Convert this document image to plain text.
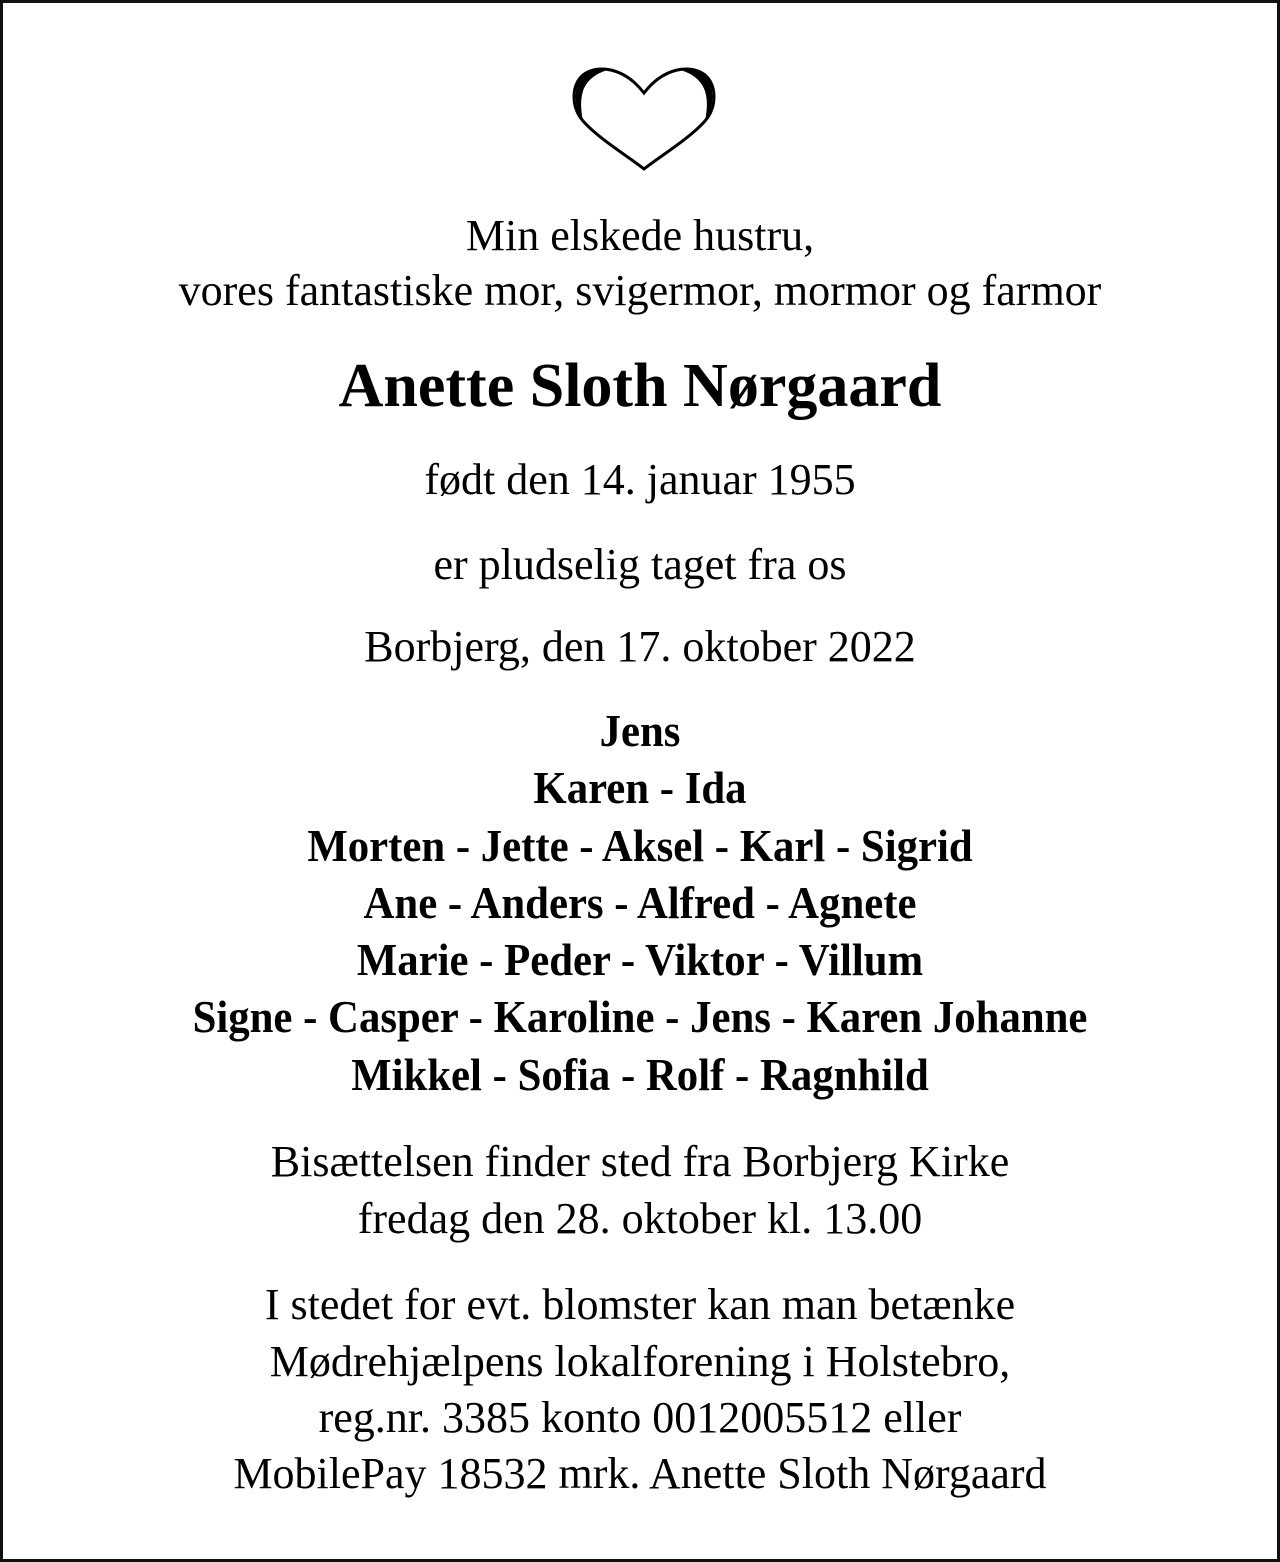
Min elskede hustru,
vores fantastiske mor, svigermor, mormor og farmor
Anette Sloth Nørgaard
født den 14. januar 1955
er pludselig taget fra os
Borbjerg, den 17. oktober 2022
Jens
Karen - Ida
Morten - Jette - Aksel - Karl - Sigrid
Ane - Anders - Alfred - Agnete
Marie - Peder - Viktor - Villum
Signe - Casper - Karoline - Jens - Karen Johanne
Mikkel - Sofia - Rolf - Ragnhild
Bisættelsen finder sted fra Borbjerg Kirke
fredag den 28. oktober kl. 13.00
I stedet for evt. blomster kan man betænke
Mødrehjælpens lokalforening i Holstebro,
reg.nr. 3385 konto 0012005512 eller
MobilePay 18532 mrk. Anette Sloth Nørgaard
